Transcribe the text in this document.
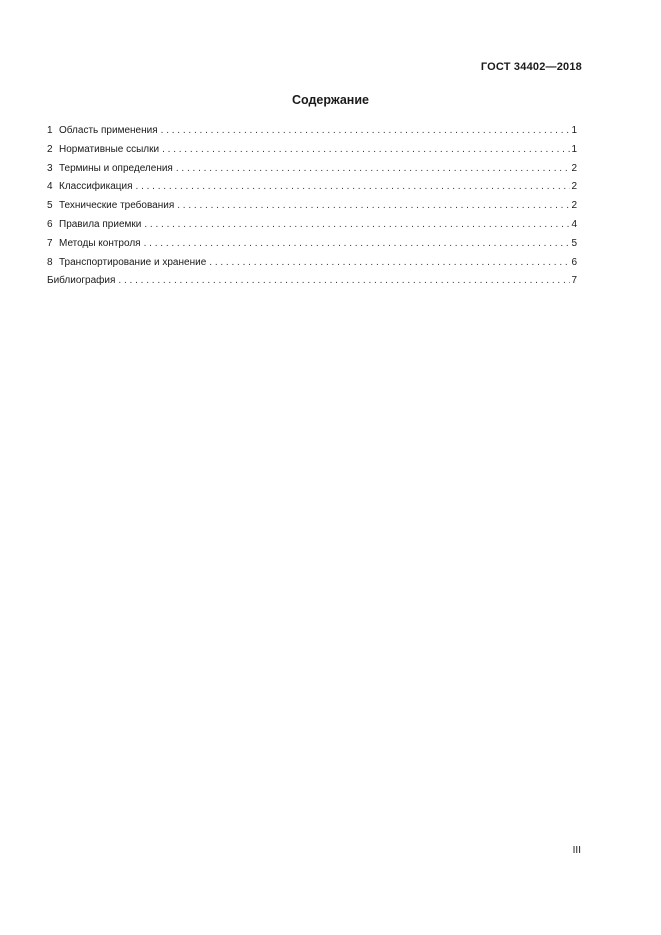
ГОСТ 34402—2018
Содержание
1 Область применения . . .	1
2 Нормативные ссылки . . .	1
3 Термины и определения . . .	2
4 Классификация . . .	2
5 Технические требования . . .	2
6 Правила приемки . . .	4
7 Методы контроля . . .	5
8 Транспортирование и хранение . . .	6
Библиография . . .	7
III
